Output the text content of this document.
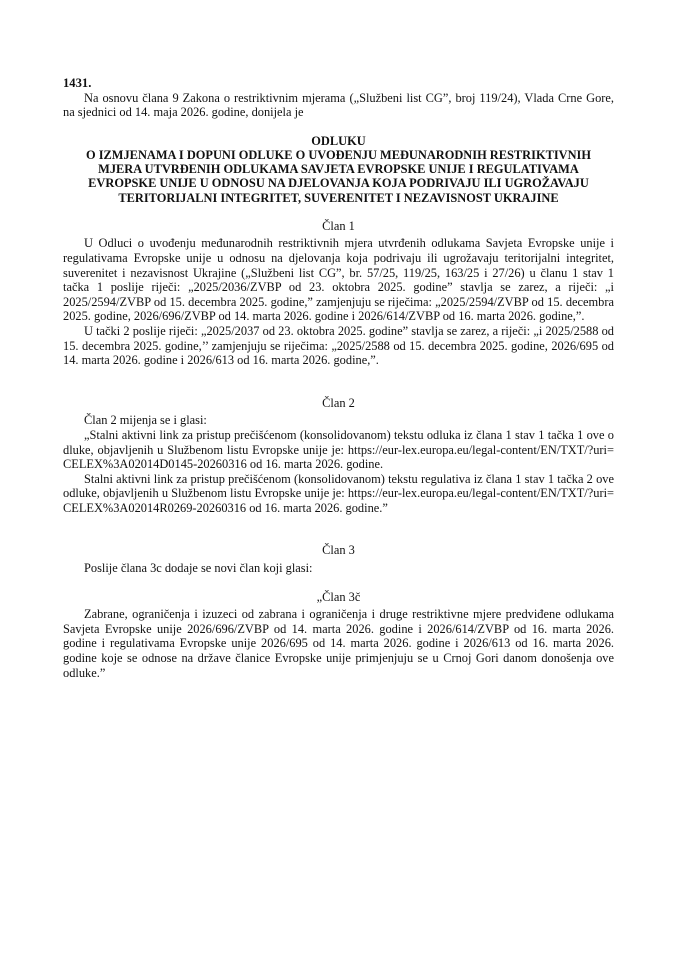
1431.

Na osnovu člana 9 Zakona o restriktivnim mjerama („Službeni list CG”, broj 119/24), Vlada Crne Gore, na sjednici od 14. maja 2026. godine, donijela je

ODLUKU

O IZMJENAMA I DOPUNI ODLUKE O UVOĐENJU MEĐUNARODNIH RESTRIKTIVNIH MJERA UTVRĐENIH ODLUKAMA SAVJETA EVROPSKE UNIJE I REGULATIVAMA EVROPSKE UNIJE U ODNOSU NA DJELOVANJA KOJA PODRIVAJU ILI UGROŽAVAJU TERITORIJALNI INTEGRITET, SUVERENITET I NEZAVISNOST UKRAJINE

Član 1

U Odluci o uvođenju međunarodnih restriktivnih mjera utvrđenih odlukama Savjeta Evropske unije i regulativama Evropske unije u odnosu na djelovanja koja podrivaju ili ugrožavaju teritorijalni integritet, suverenitet i nezavisnost Ukrajine („Službeni list CG”, br. 57/25, 119/25, 163/25 i 27/26) u članu 1 stav 1 tačka 1 poslije riječi: „2025/2036/ZVBP od 23. oktobra 2025. godine” stavlja se zarez, a riječi: „i 2025/2594/ZVBP od 15. decembra 2025. godine,” zamjenjuju se riječima: „2025/2594/ZVBP od 15. decembra 2025. godine, 2026/696/ZVBP od 14. marta 2026. godine i 2026/614/ZVBP od 16. marta 2026. godine,”.

U tački 2 poslije riječi: „2025/2037 od 23. oktobra 2025. godine” stavlja se zarez, a riječi: „i 2025/2588 od 15. decembra 2025. godine,’’ zamjenjuju se riječima: „2025/2588 od 15. decembra 2025. godine, 2026/695 od 14. marta 2026. godine i 2026/613 od 16. marta 2026. godine,”.

Član 2

Član 2 mijenja se i glasi:

„Stalni aktivni link za pristup prečišćenom (konsolidovanom) tekstu odluka iz člana 1 stav 1 tačka 1 ove odluke, objavljenih u Službenom listu Evropske unije je: https://eur-lex.europa.eu/legal-content/EN/TXT/?uri=CELEX%3A02014D0145-20260316 od 16. marta 2026. godine.

Stalni aktivni link za pristup prečišćenom (konsolidovanom) tekstu regulativa iz člana 1 stav 1 tačka 2 ove odluke, objavljenih u Službenom listu Evropske unije je: https://eur-lex.europa.eu/legal-content/EN/TXT/?uri=CELEX%3A02014R0269-20260316 od 16. marta 2026. godine.”

Član 3

Poslije člana 3c dodaje se novi član koji glasi:

„Član 3č

Zabrane, ograničenja i izuzeci od zabrana i ograničenja i druge restriktivne mjere predviđene odlukama Savjeta Evropske unije 2026/696/ZVBP od 14. marta 2026. godine i 2026/614/ZVBP od 16. marta 2026. godine i regulativama Evropske unije 2026/695 od 14. marta 2026. godine i 2026/613 od 16. marta 2026. godine koje se odnose na države članice Evropske unije primjenjuju se u Crnoj Gori danom donošenja ove odluke.”
